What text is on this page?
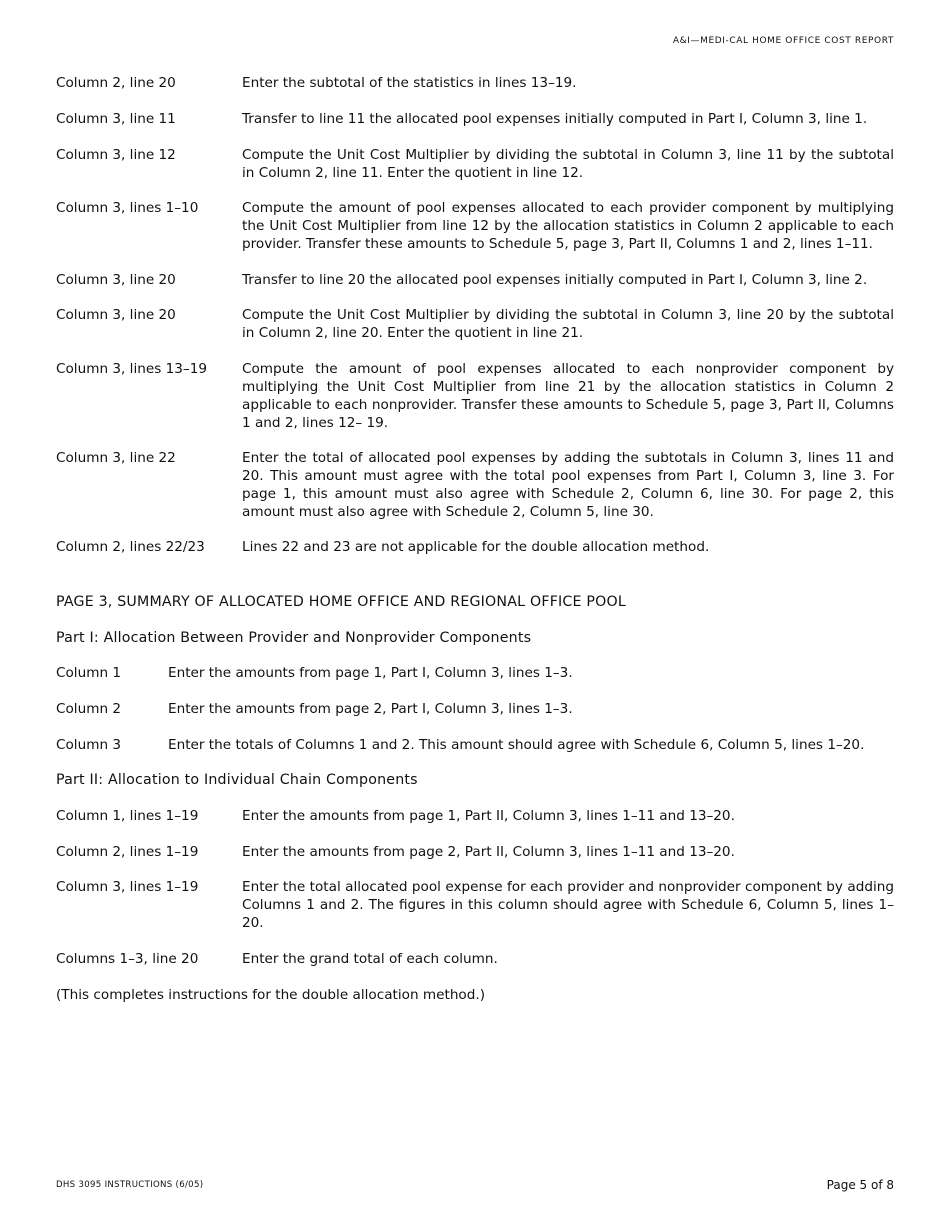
A&I—MEDI-CAL HOME OFFICE COST REPORT
Column 2, line 20	Enter the subtotal of the statistics in lines 13–19.
Column 3, line 11	Transfer to line 11 the allocated pool expenses initially computed in Part I, Column 3, line 1.
Column 3, line 12	Compute the Unit Cost Multiplier by dividing the subtotal in Column 3, line 11 by the subtotal in Column 2, line 11. Enter the quotient in line 12.
Column 3, lines 1–10	Compute the amount of pool expenses allocated to each provider component by multiplying the Unit Cost Multiplier from line 12 by the allocation statistics in Column 2 applicable to each provider. Transfer these amounts to Schedule 5, page 3, Part II, Columns 1 and 2, lines 1–11.
Column 3, line 20	Transfer to line 20 the allocated pool expenses initially computed in Part I, Column 3, line 2.
Column 3, line 20	Compute the Unit Cost Multiplier by dividing the subtotal in Column 3, line 20 by the subtotal in Column 2, line 20. Enter the quotient in line 21.
Column 3, lines 13–19	Compute the amount of pool expenses allocated to each nonprovider component by multiplying the Unit Cost Multiplier from line 21 by the allocation statistics in Column 2 applicable to each nonprovider. Transfer these amounts to Schedule 5, page 3, Part II, Columns 1 and 2, lines 12– 19.
Column 3, line 22	Enter the total of allocated pool expenses by adding the subtotals in Column 3, lines 11 and 20. This amount must agree with the total pool expenses from Part I, Column 3, line 3. For page 1, this amount must also agree with Schedule 2, Column 6, line 30. For page 2, this amount must also agree with Schedule 2, Column 5, line 30.
Column 2, lines 22/23	Lines 22 and 23 are not applicable for the double allocation method.
PAGE 3, SUMMARY OF ALLOCATED HOME OFFICE AND REGIONAL OFFICE POOL
Part I: Allocation Between Provider and Nonprovider Components
Column 1	Enter the amounts from page 1, Part I, Column 3, lines 1–3.
Column 2	Enter the amounts from page 2, Part I, Column 3, lines 1–3.
Column 3	Enter the totals of Columns 1 and 2. This amount should agree with Schedule 6, Column 5, lines 1–20.
Part II: Allocation to Individual Chain Components
Column 1, lines 1–19	Enter the amounts from page 1, Part II, Column 3, lines 1–11 and 13–20.
Column 2, lines 1–19	Enter the amounts from page 2, Part II, Column 3, lines 1–11 and 13–20.
Column 3, lines 1–19	Enter the total allocated pool expense for each provider and nonprovider component by adding Columns 1 and 2. The figures in this column should agree with Schedule 6, Column 5, lines 1–20.
Columns 1–3, line 20	Enter the grand total of each column.
(This completes instructions for the double allocation method.)
DHS 3095 INSTRUCTIONS (6/05)	Page 5 of 8
